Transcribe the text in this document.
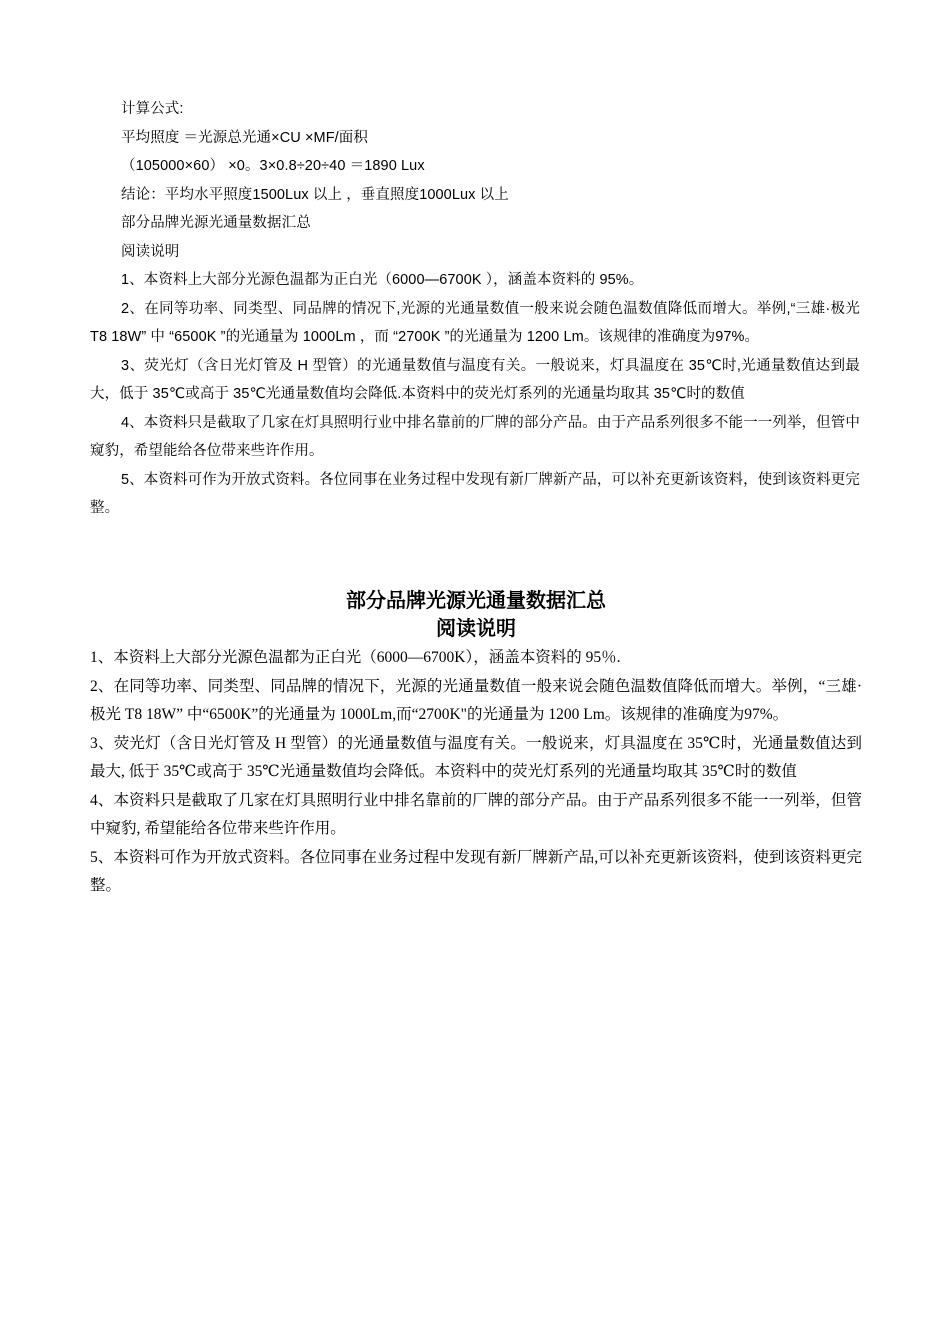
计算公式:

平均照度 ＝光源总光通×CU ×MF/面积

（105000×60） ×0。3×0.8÷20÷40 ＝1890 Lux

结论：平均水平照度1500Lux 以上 ，垂直照度1000Lux 以上

部分品牌光源光通量数据汇总

阅读说明

1、本资料上大部分光源色温都为正白光（6000—6700K ），涵盖本资料的 95%。

2、在同等功率、同类型、同品牌的情况下,光源的光通量数值一般来说会随色温数值降低而增大。举例,“三雄·极光 T8 18W” 中 “6500K ”的光通量为 1000Lm ，而 “2700K ”的光通量为 1200 Lm。该规律的准确度为97%。

3、荧光灯（含日光灯管及 H 型管）的光通量数值与温度有关。一般说来，灯具温度在 35℃时,光通量数值达到最大，低于 35℃或高于 35℃光通量数值均会降低.本资料中的荧光灯系列的光通量均取其 35℃时的数值

4、本资料只是截取了几家在灯具照明行业中排名靠前的厂牌的部分产品。由于产品系列很多不能一一列举，但管中窥豹，希望能给各位带来些许作用。

5、本资料可作为开放式资料。各位同事在业务过程中发现有新厂牌新产品，可以补充更新该资料，使到该资料更完整。

部分品牌光源光通量数据汇总
阅读说明

1、本资料上大部分光源色温都为正白光（6000—6700K），涵盖本资料的 95％.

2、在同等功率、同类型、同品牌的情况下，光源的光通量数值一般来说会随色温数值降低而增大。举例，“三雄·极光 T8 18W” 中“6500K”的光通量为 1000Lm,而“2700K"的光通量为 1200 Lm。该规律的准确度为97%。

3、荧光灯（含日光灯管及 H 型管）的光通量数值与温度有关。一般说来，灯具温度在 35℃时，光通量数值达到最大, 低于 35℃或高于 35℃光通量数值均会降低。本资料中的荧光灯系列的光通量均取其 35℃时的数值

4、本资料只是截取了几家在灯具照明行业中排名靠前的厂牌的部分产品。由于产品系列很多不能一一列举，但管中窥豹, 希望能给各位带来些许作用。

5、本资料可作为开放式资料。各位同事在业务过程中发现有新厂牌新产品,可以补充更新该资料，使到该资料更完整。
